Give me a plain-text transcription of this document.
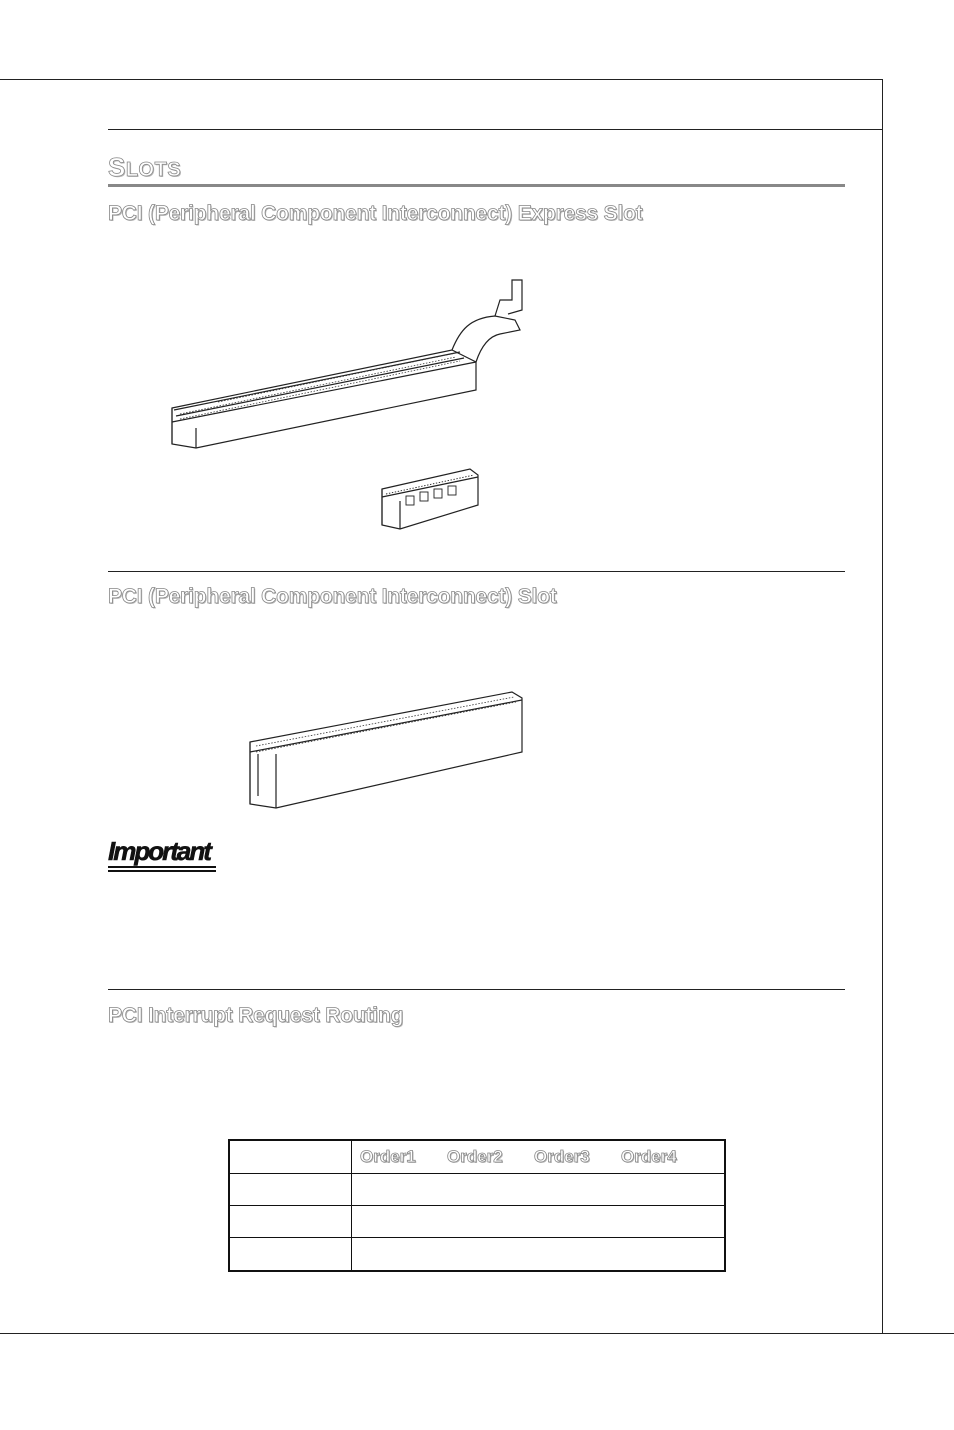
SLOTS
PCI (Peripheral Component Interconnect) Express Slot
PCI (Peripheral Component Interconnect) Slot
Important
PCI Interrupt Request Routing

	Order1 Order2 Order3 Order4
